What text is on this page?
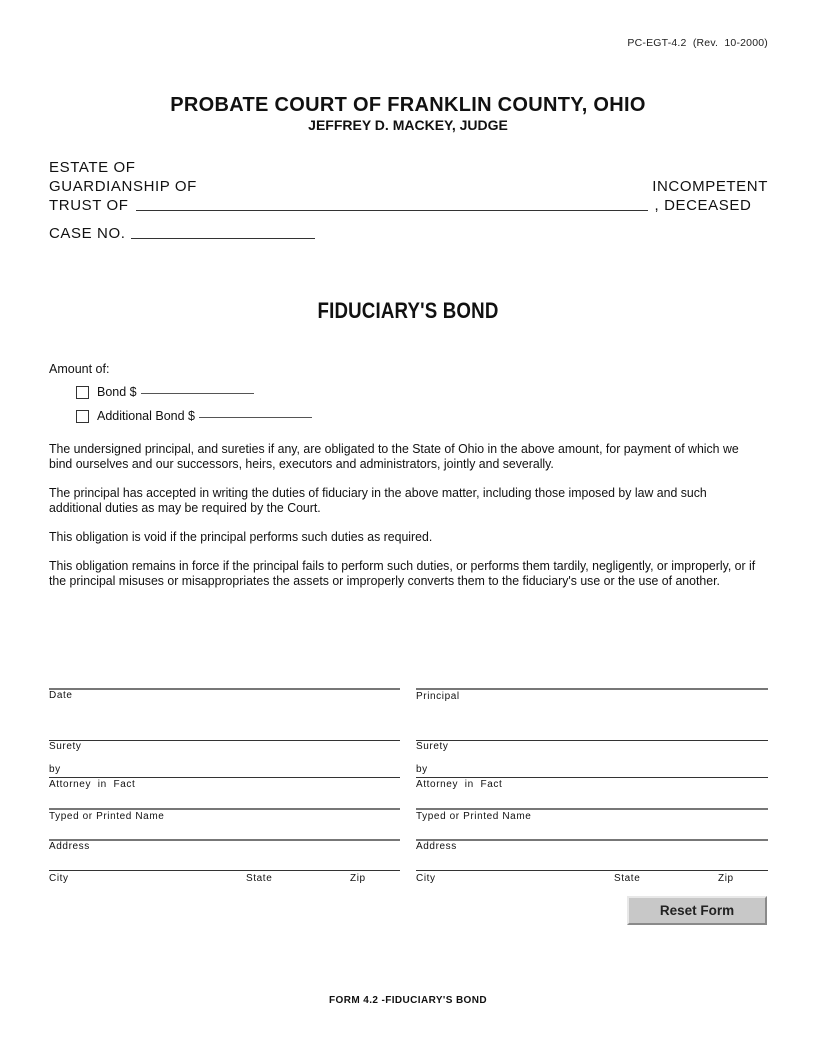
PC-EGT-4.2  (Rev.  10-2000)
PROBATE COURT OF FRANKLIN COUNTY, OHIO
JEFFREY D. MACKEY, JUDGE
ESTATE OF
GUARDIANSHIP OF	INCOMPETENT
TRUST OF	, DECEASED
CASE NO.
FIDUCIARY'S BOND
Amount of:
Bond $
Additional Bond $
The undersigned principal, and sureties if any, are obligated to the State of Ohio in the above amount, for payment of which we bind ourselves and our successors, heirs, executors and administrators, jointly and severally.
The principal has accepted in writing the duties of fiduciary in the above matter, including those imposed by law and such additional duties as may be required by the Court.
This obligation is void if the principal performs such duties as required.
This obligation remains in force if the principal fails to perform such duties, or performs them tardily, negligently, or improperly, or if the principal misuses or misappropriates the assets or improperly converts them to the fiduciary's use or the use of another.
Date
Surety
by
Attorney  in  Fact
Typed or Printed Name
Address
City	State	Zip
Principal
Surety
by
Attorney  in  Fact
Typed or Printed Name
Address
City	State	Zip
Reset Form
FORM 4.2 -FIDUCIARY'S BOND
